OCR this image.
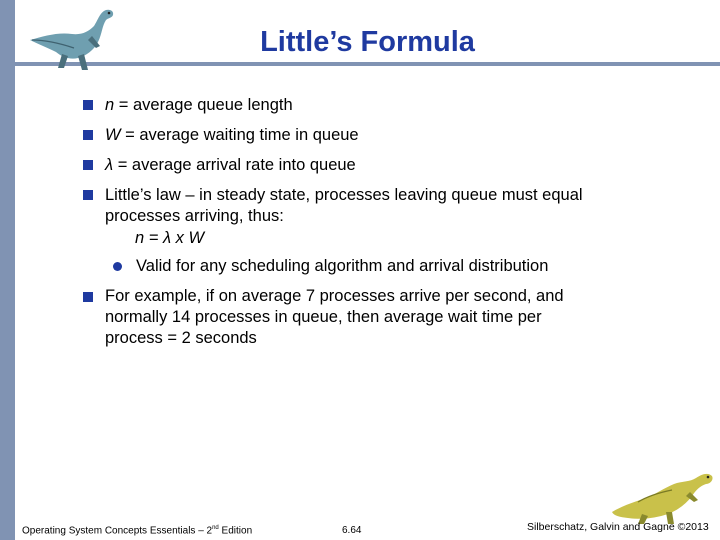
Little’s Formula
n = average queue length
W = average waiting time in queue
λ = average arrival rate into queue
Little’s law – in steady state, processes leaving queue must equal
processes arriving, thus:
n = λ x W
Valid for any scheduling algorithm and arrival distribution
For example, if on average 7 processes arrive per second, and
normally 14 processes in queue, then average wait time per
process = 2 seconds
Operating System Concepts Essentials – 2nd Edition	6.64	Silberschatz, Galvin and Gagne ©2013
